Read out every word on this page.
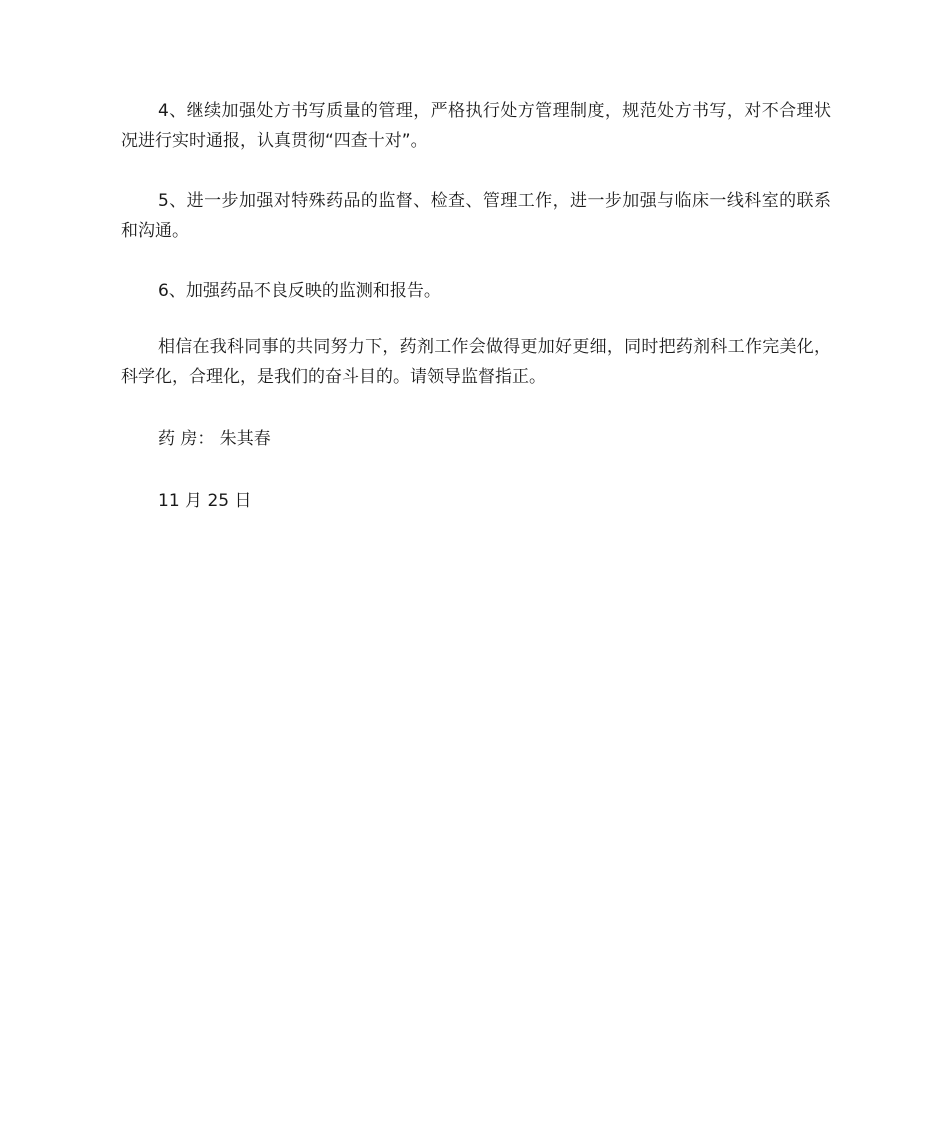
4、继续加强处方书写质量的管理，严格执行处方管理制度，规范处方书写，对不合理状况进行实时通报，认真贯彻“四查十对”。

5、进一步加强对特殊药品的监督、检查、管理工作，进一步加强与临床一线科室的联系和沟通。

6、加强药品不良反映的监测和报告。

相信在我科同事的共同努力下，药剂工作会做得更加好更细，同时把药剂科工作完美化，科学化，合理化，是我们的奋斗目的。请领导监督指正。

药 房： 朱其春

11 月 25 日
